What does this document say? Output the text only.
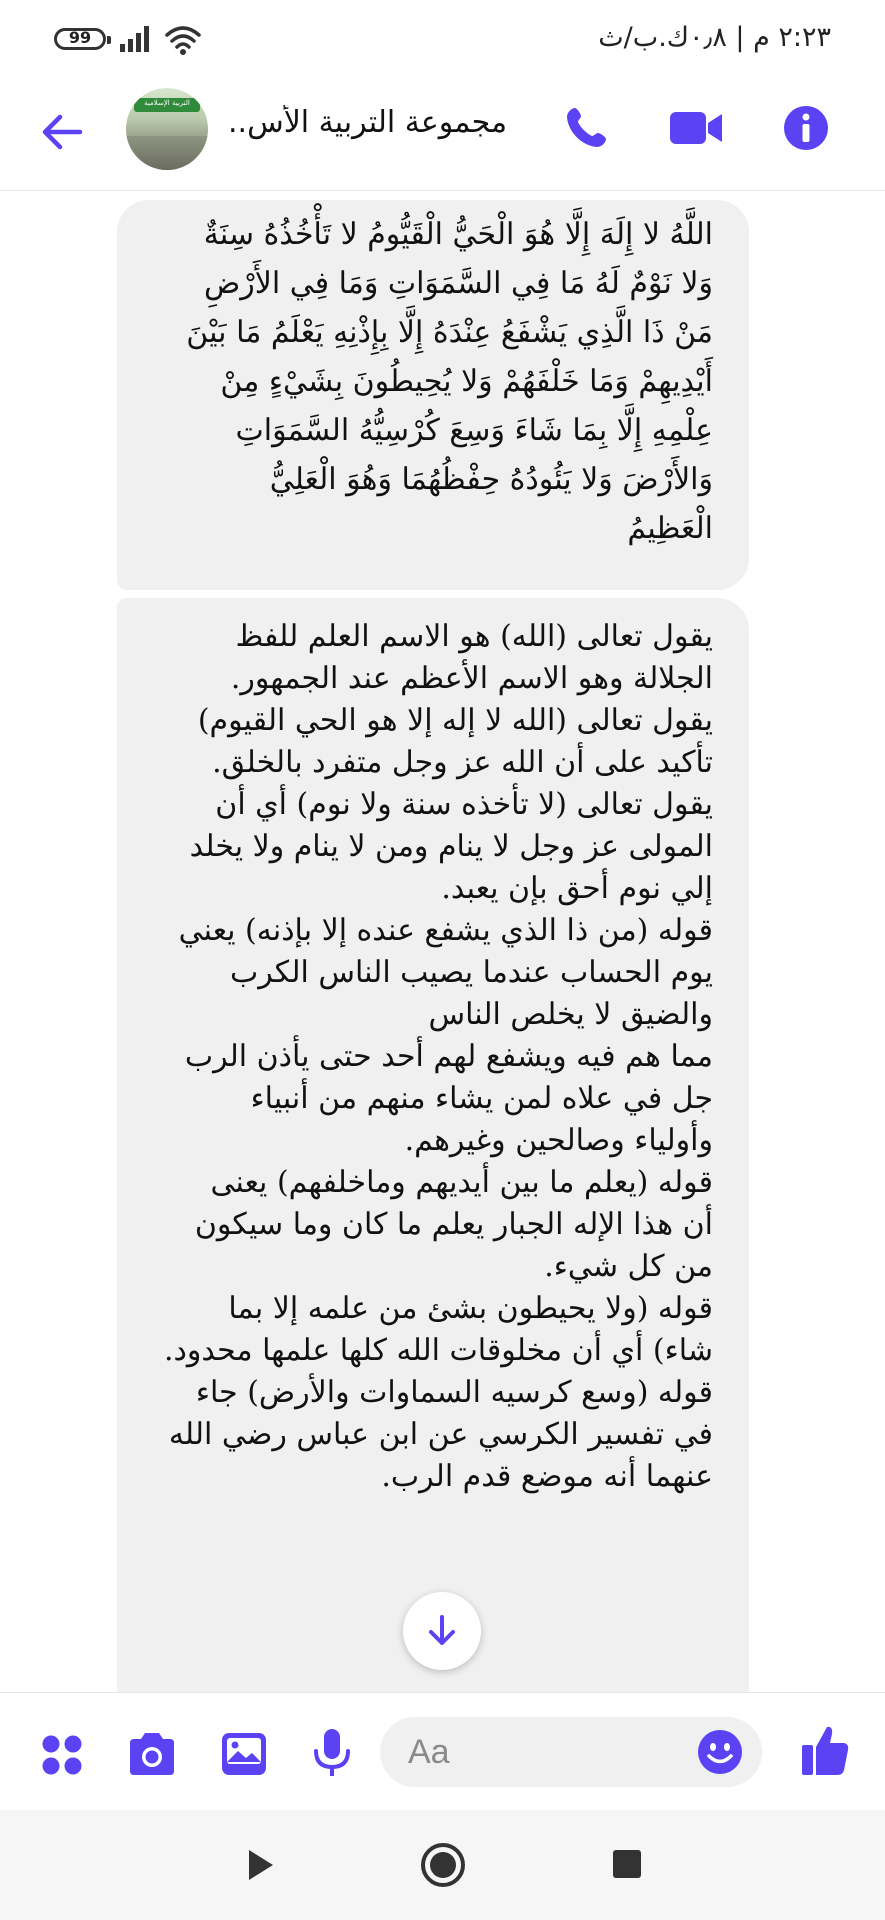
99	٢:٢٣ م | ٠٫٨ك.ب/ث
التربية الإسلامية
مجموعة التربية الأس..
اللَّهُ لا إِلَهَ إِلَّا هُوَ الْحَيُّ الْقَيُّومُ لا تَأْخُذُهُ سِنَةٌ
وَلا نَوْمٌ لَهُ مَا فِي السَّمَوَاتِ وَمَا فِي الأَرْضِ
مَنْ ذَا الَّذِي يَشْفَعُ عِنْدَهُ إِلَّا بِإِذْنِهِ يَعْلَمُ مَا بَيْنَ
أَيْدِيهِمْ وَمَا خَلْفَهُمْ وَلا يُحِيطُونَ بِشَيْءٍ مِنْ
عِلْمِهِ إِلَّا بِمَا شَاءَ وَسِعَ كُرْسِيُّهُ السَّمَوَاتِ
وَالأَرْضَ وَلا يَئُودُهُ حِفْظُهُمَا وَهُوَ الْعَلِيُّ
الْعَظِيمُ
يقول تعالى (الله) هو الاسم العلم للفظ
الجلالة وهو الاسم الأعظم عند الجمهور.
يقول تعالى (الله لا إله إلا هو الحي القيوم)
تأكيد على أن الله عز وجل متفرد بالخلق.
يقول تعالى (لا تأخذه سنة ولا نوم) أي أن
المولى عز وجل لا ينام ومن لا ينام ولا يخلد
إلي نوم أحق بإن يعبد.
قوله (من ذا الذي يشفع عنده إلا بإذنه) يعني
يوم الحساب عندما يصيب الناس الكرب
والضيق لا يخلص الناس
مما هم فيه ويشفع لهم أحد حتى يأذن الرب
جل في علاه لمن يشاء منهم من أنبياء
وأولياء وصالحين وغيرهم.
قوله (يعلم ما بين أيديهم وماخلفهم) يعنى
أن هذا الإله الجبار يعلم ما كان وما سيكون
من كل شيء.
قوله (ولا يحيطون بشئ من علمه إلا بما
شاء) أي أن مخلوقات الله كلها علمها محدود.
قوله (وسع كرسيه السماوات والأرض) جاء
في تفسير الكرسي عن ابن عباس رضي الله
عنهما أنه موضع قدم الرب.
Aa
